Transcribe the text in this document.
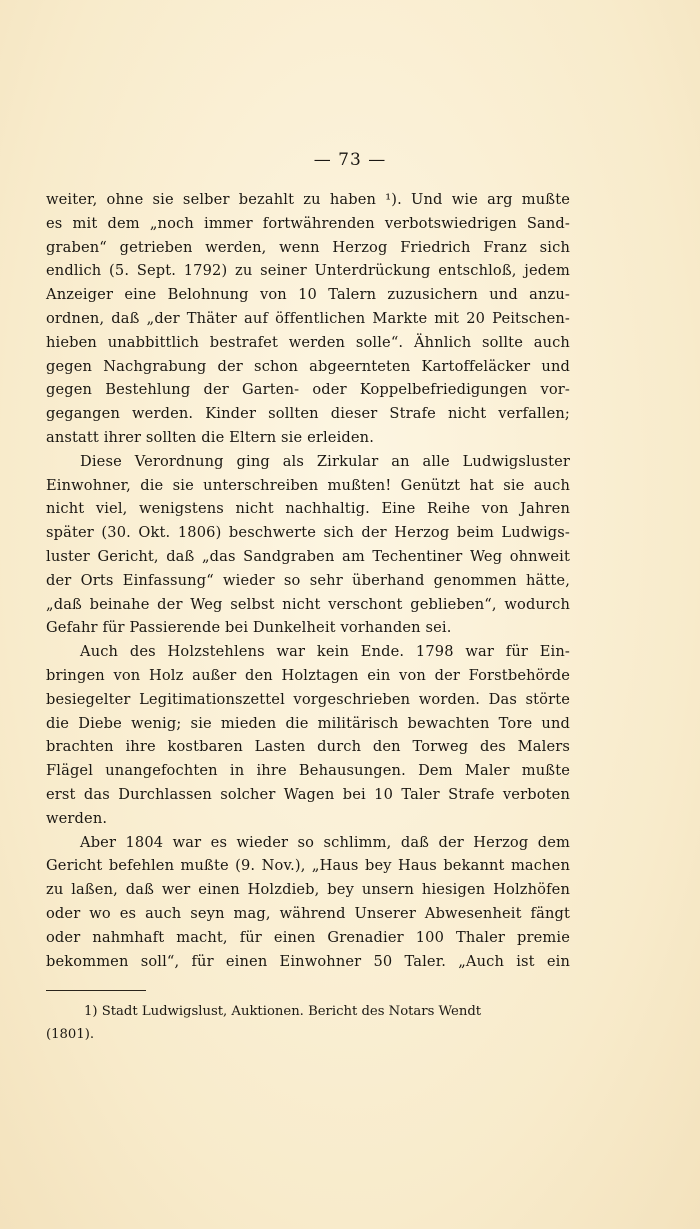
— 73 —
weiter, ohne sie selber bezahlt zu haben ¹). Und wie arg mußte
es mit dem „noch immer fortwährenden verbotswiedrigen Sand-
graben“ getrieben werden, wenn Herzog Friedrich Franz sich
endlich (5. Sept. 1792) zu seiner Unterdrückung entschloß, jedem
Anzeiger eine Belohnung von 10 Talern zuzusichern und anzu-
ordnen, daß „der Thäter auf öffentlichen Markte mit 20 Peitschen-
hieben unabbittlich bestrafet werden solle“. Ähnlich sollte auch
gegen Nachgrabung der schon abgeernteten Kartoffeläcker und
gegen Bestehlung der Garten- oder Koppelbefriedigungen vor-
gegangen werden. Kinder sollten dieser Strafe nicht verfallen;
anstatt ihrer sollten die Eltern sie erleiden.
Diese Verordnung ging als Zirkular an alle Ludwigsluster
Einwohner, die sie unterschreiben mußten! Genützt hat sie auch
nicht viel, wenigstens nicht nachhaltig. Eine Reihe von Jahren
später (30. Okt. 1806) beschwerte sich der Herzog beim Ludwigs-
luster Gericht, daß „das Sandgraben am Techentiner Weg ohnweit
der Orts Einfassung“ wieder so sehr überhand genommen hätte,
„daß beinahe der Weg selbst nicht verschont geblieben“, wodurch
Gefahr für Passierende bei Dunkelheit vorhanden sei.
Auch des Holzstehlens war kein Ende. 1798 war für Ein-
bringen von Holz außer den Holztagen ein von der Forstbehörde
besiegelter Legitimationszettel vorgeschrieben worden. Das störte
die Diebe wenig; sie mieden die militärisch bewachten Tore und
brachten ihre kostbaren Lasten durch den Torweg des Malers
Flägel unangefochten in ihre Behausungen. Dem Maler mußte
erst das Durchlassen solcher Wagen bei 10 Taler Strafe verboten
werden.
Aber 1804 war es wieder so schlimm, daß der Herzog dem
Gericht befehlen mußte (9. Nov.), „Haus bey Haus bekannt machen
zu laßen, daß wer einen Holzdieb, bey unsern hiesigen Holzhöfen
oder wo es auch seyn mag, während Unserer Abwesenheit fängt
oder nahmhaft macht, für einen Grenadier 100 Thaler premie
bekommen soll“, für einen Einwohner 50 Taler. „Auch ist ein
1) Stadt Ludwigslust, Auktionen. Bericht des Notars Wendt
(1801).
